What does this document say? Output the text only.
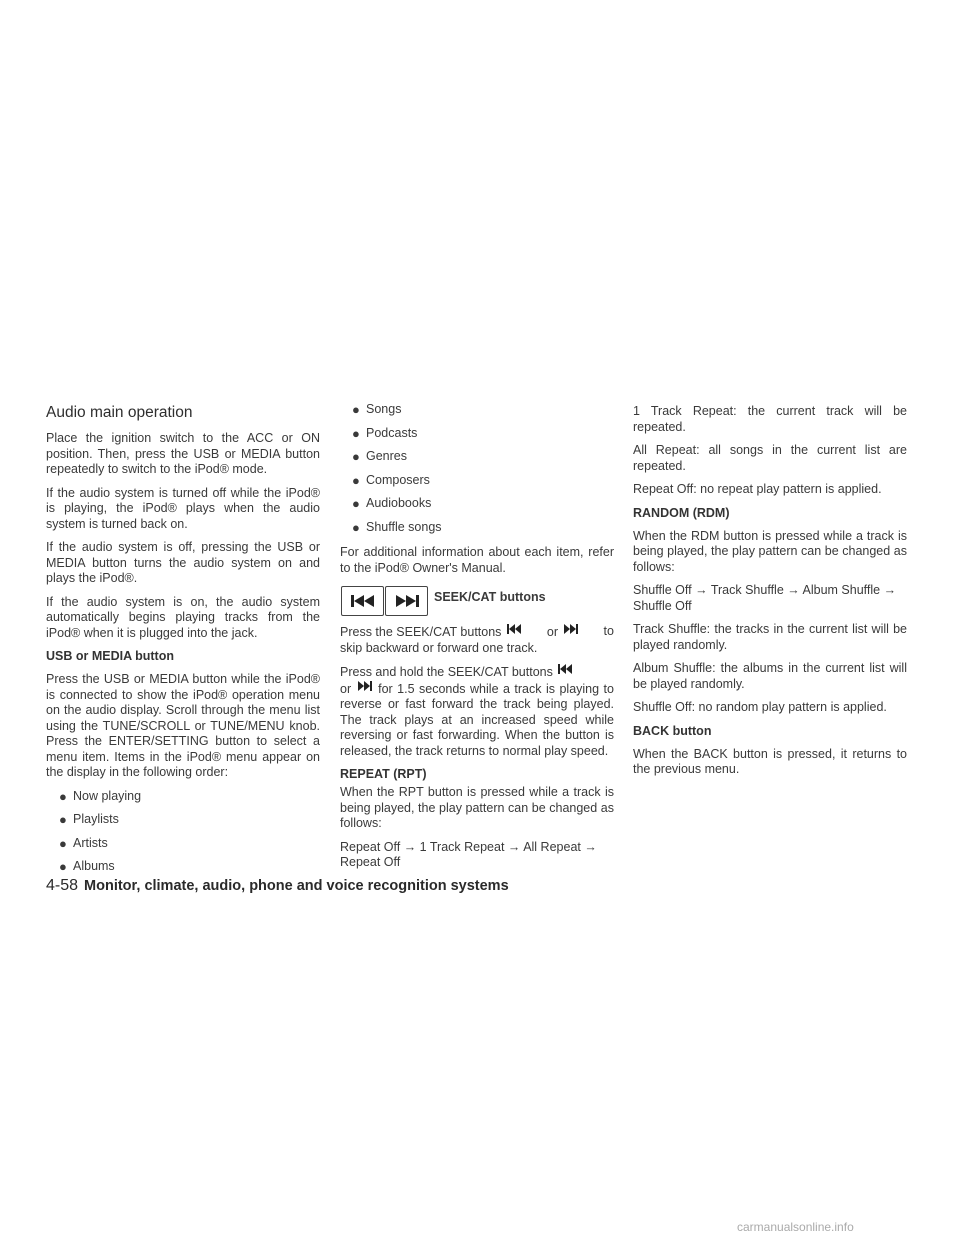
Audio main operation

Place the ignition switch to the ACC or ON position. Then, press the USB or MEDIA button repeatedly to switch to the iPod® mode.

If the audio system is turned off while the iPod® is playing, the iPod® plays when the audio system is turned back on.

If the audio system is off, pressing the USB or MEDIA button turns the audio system on and plays the iPod®.

If the audio system is on, the audio system automatically begins playing tracks from the iPod® when it is plugged into the jack.

USB or MEDIA button

Press the USB or MEDIA button while the iPod® is connected to show the iPod® operation menu on the audio display. Scroll through the menu list using the TUNE/SCROLL or TUNE/MENU knob. Press the ENTER/SETTING button to select a menu item. Items in the iPod® menu appear on the display in the following order:

● Now playing
● Playlists
● Artists
● Albums
● Songs
● Podcasts
● Genres
● Composers
● Audiobooks
● Shuffle songs

For additional information about each item, refer to the iPod® Owner's Manual.

SEEK/CAT buttons

Press the SEEK/CAT buttons	or	to
skip backward or forward one track.

Press and hold the SEEK/CAT buttons
or for 1.5 seconds while a track is playing to reverse or fast forward the track being played. The track plays at an increased speed while reversing or fast forwarding. When the button is released, the track returns to normal play speed.

REPEAT (RPT)

When the RPT button is pressed while a track is being played, the play pattern can be changed as follows:

Repeat Off → 1 Track Repeat → All Repeat → Repeat Off

1 Track Repeat: the current track will be repeated.

All Repeat: all songs in the current list are repeated.

Repeat Off: no repeat play pattern is applied.

RANDOM (RDM)

When the RDM button is pressed while a track is being played, the play pattern can be changed as follows:

Shuffle Off → Track Shuffle → Album Shuffle → Shuffle Off

Track Shuffle: the tracks in the current list will be played randomly.

Album Shuffle: the albums in the current list will be played randomly.

Shuffle Off: no random play pattern is applied.

BACK button

When the BACK button is pressed, it returns to the previous menu.

4-58 Monitor, climate, audio, phone and voice recognition systems
carmanualsonline.info
